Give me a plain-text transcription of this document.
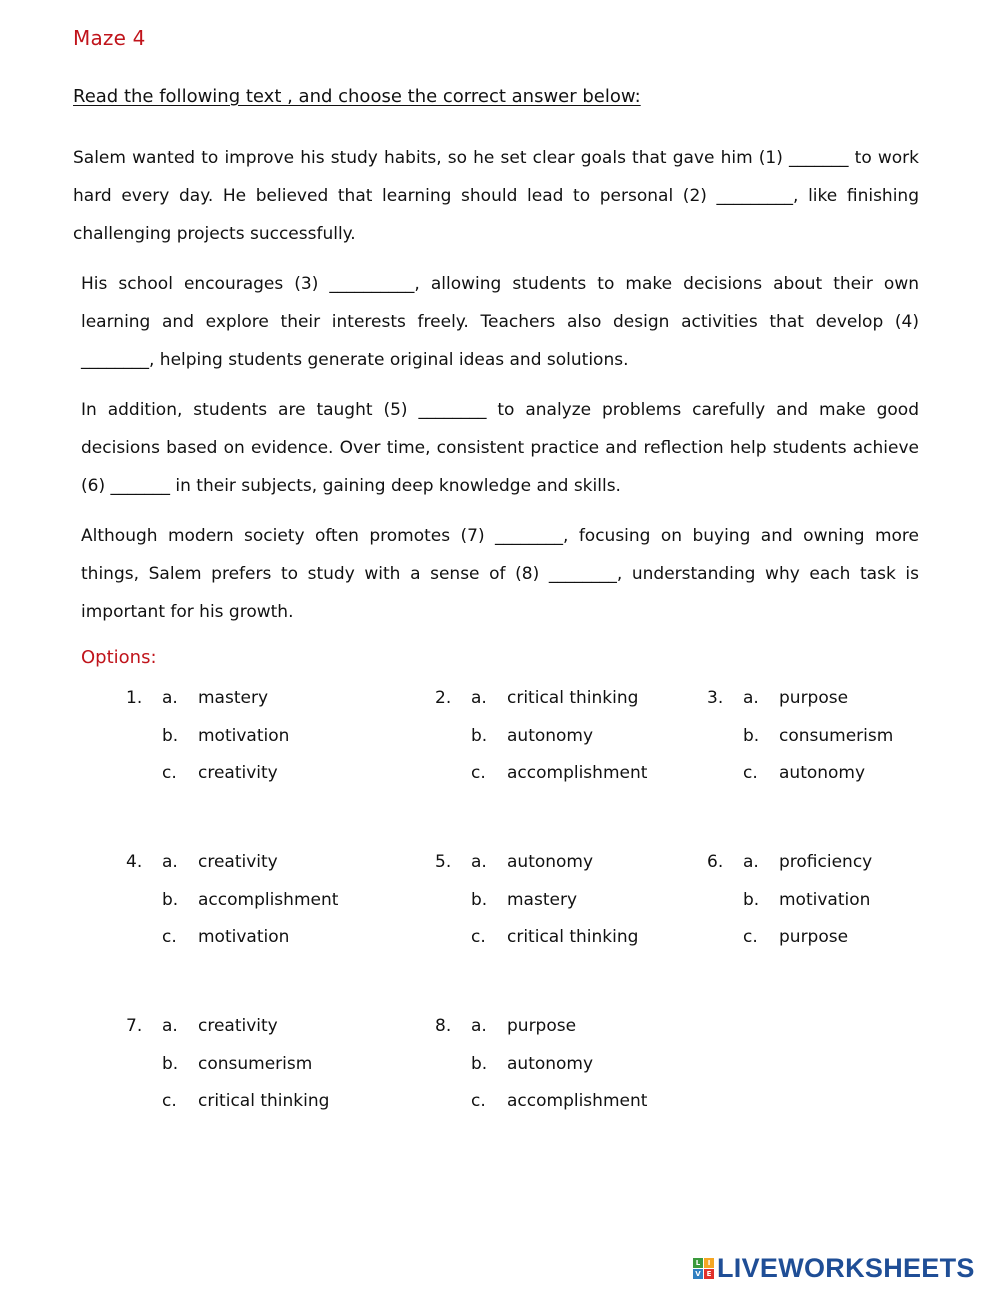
Maze 4
Read the following text , and choose the correct answer below:

Salem wanted to improve his study habits, so he set clear goals that gave him (1) _______ to work hard every day. He believed that learning should lead to personal (2) _________, like finishing challenging projects successfully.

His school encourages (3) __________, allowing students to make decisions about their own learning and explore their interests freely. Teachers also design activities that develop (4) ________, helping students generate original ideas and solutions.

In addition, students are taught (5) ________ to analyze problems carefully and make good decisions based on evidence. Over time, consistent practice and reflection help students achieve (6) _______ in their subjects, gaining deep knowledge and skills.

Although modern society often promotes (7) ________, focusing on buying and owning more things, Salem prefers to study with a sense of (8) ________, understanding why each task is important for his growth.

Options:
1. a. mastery
b. motivation
c. creativity
2. a. critical thinking
b. autonomy
c. accomplishment
3. a. purpose
b. consumerism
c. autonomy
4. a. creativity
b. accomplishment
c. motivation
5. a. autonomy
b. mastery
c. critical thinking
6. a. proficiency
b. motivation
c. purpose
7. a. creativity
b. consumerism
c. critical thinking
8. a. purpose
b. autonomy
c. accomplishment
L	I
V E LIVEWORKSHEETS
